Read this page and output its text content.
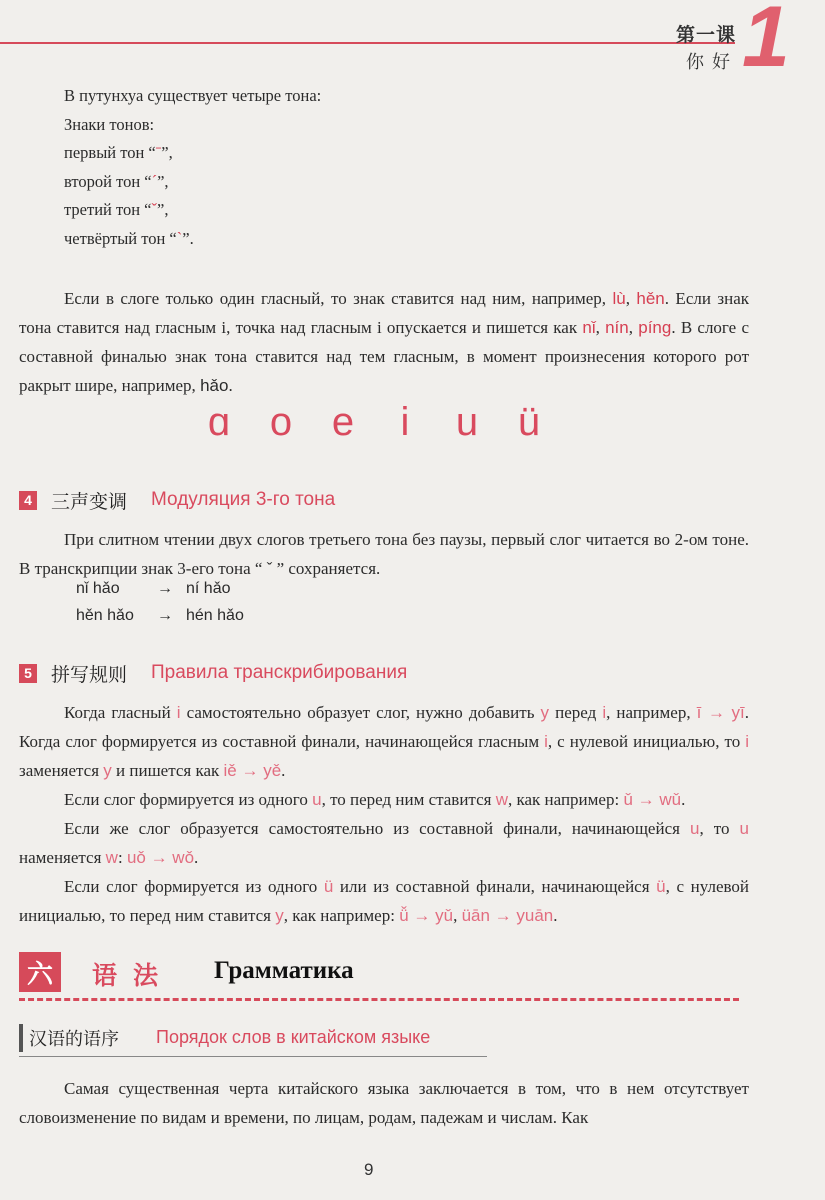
第一课
你好 1
В путунхуа существует четыре тона:
Знаки тонов:
первый тон “ˉ”,
второй тон “ˊ”,
третий тон “ˇ”,
четвёртый тон “ˋ”.

Если в слоге только один гласный, то знак ставится над ним, например, lù, hěn. Если знак тона ставится над гласным i, точка над гласным i опускается и пишется как nǐ, nín, píng. В слоге с составной финалью знак тона ставится над тем гласным, в момент произнесения которого рот ракрыт шире, например, hǎo.

ɑ o e i u ü
4 三声变调 Модуляция 3-го тона

При слитном чтении двух слогов третьего тона без паузы, первый слог читается во 2-ом тоне. В транскрипции знак 3-его тона “ ˇ ” сохраняется.

nǐ hǎo → ní hǎo
hěn hǎo → hén hǎo
5 拼写规则 Правила транскрибирования

Когда гласный i самостоятельно образует слог, нужно добавить y перед i, например, ī → yī. Когда слог формируется из составной финали, начинающейся гласным i, с нулевой инициалью, то i заменяется y и пишется как iě → yě.

Если слог формируется из одного u, то перед ним ставится w, как например: ǔ → wǔ.

Если же слог образуется самостоятельно из составной финали, начинающейся u, то u наменяется w: uǒ → wǒ.

Если слог формируется из одного ü или из составной финали, начинающейся ü, с нулевой инициалью, то перед ним ставится y, как например: ǚ → yǔ, üān → yuān.

六	语法 Грамматика
汉语的语序 Порядок слов в китайском языке

Самая существенная черта китайского языка заключается в том, что в нем отсутствует словоизменение по видам и времени, по лицам, родам, падежам и числам. Как

9
